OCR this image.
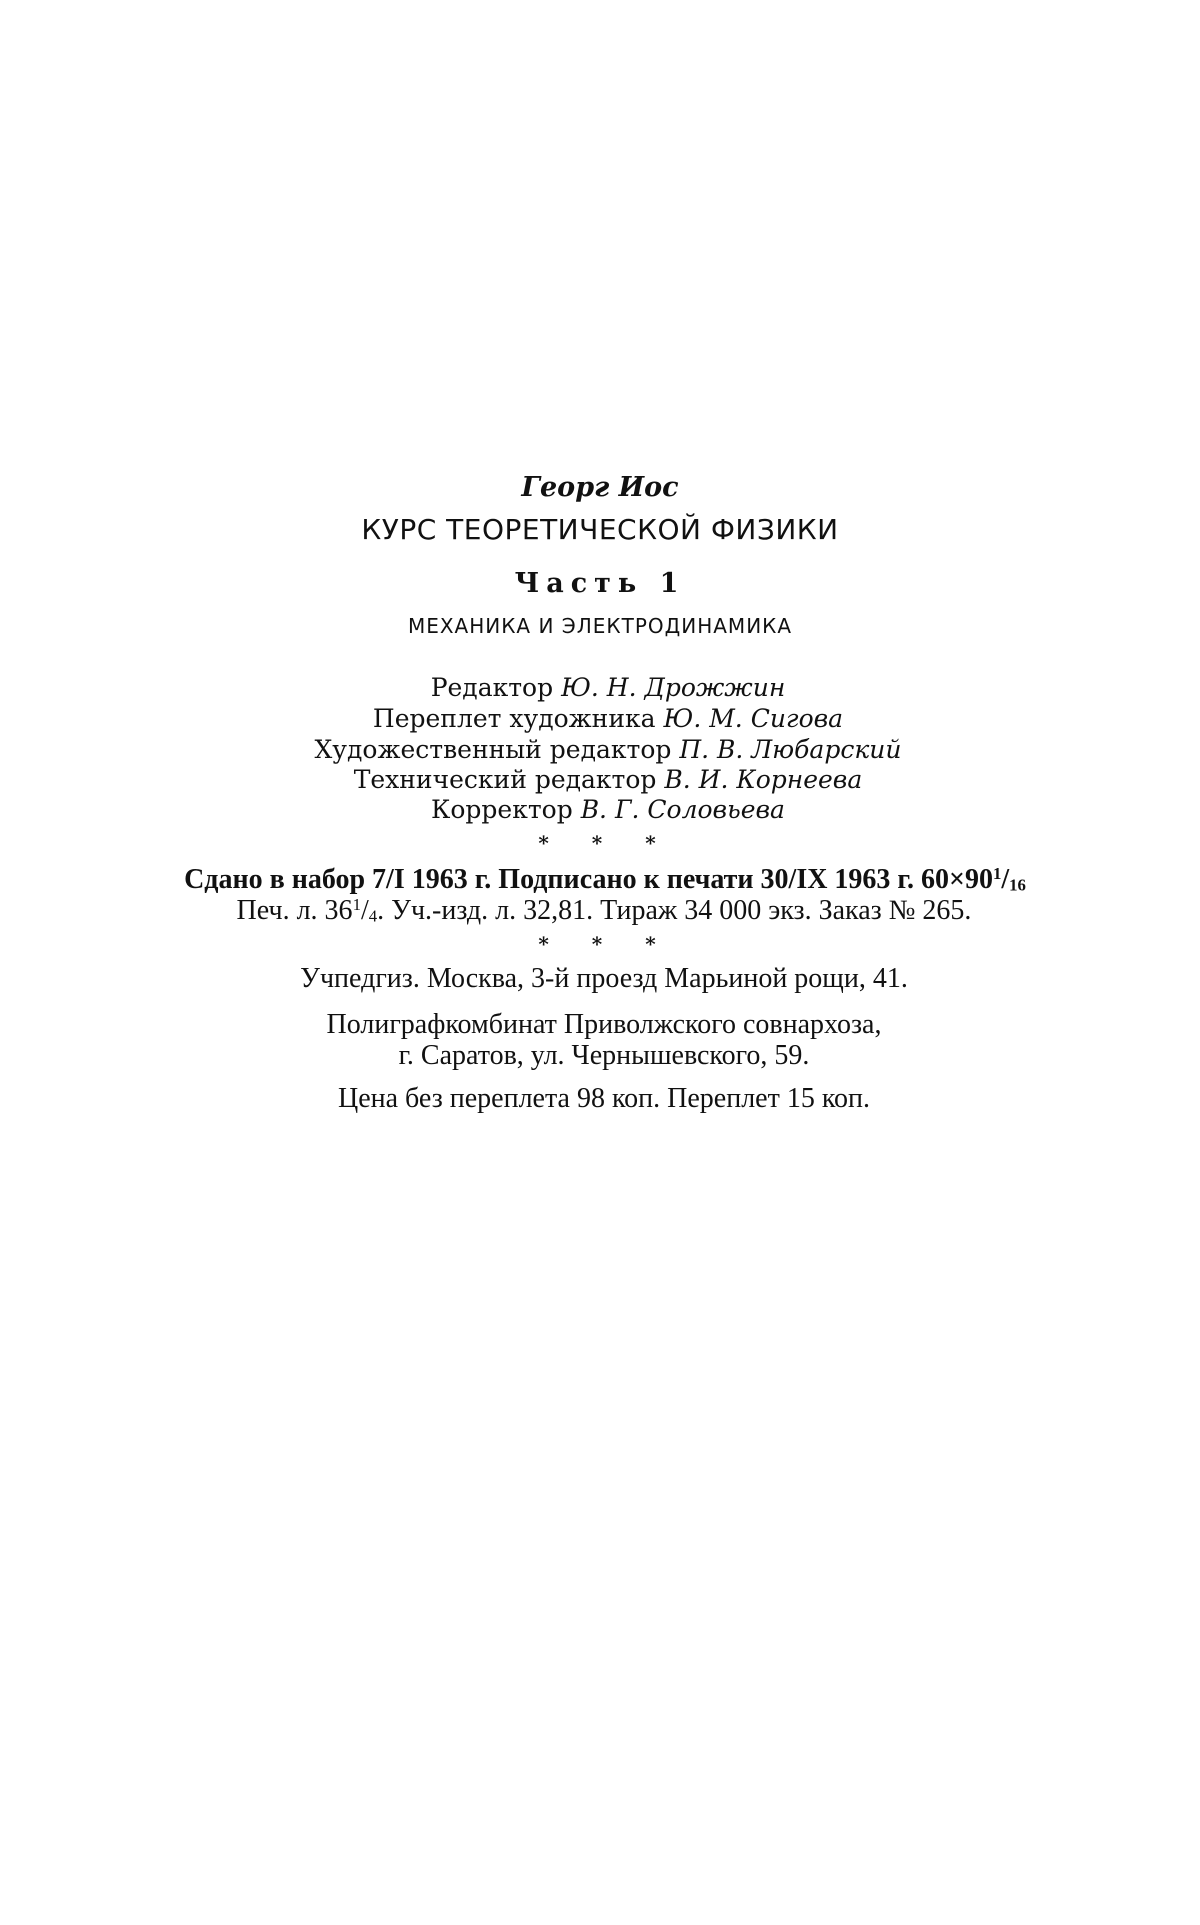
Георг Иос
КУРС ТЕОРЕТИЧЕСКОЙ ФИЗИКИ
Часть 1
МЕХАНИКА И ЭЛЕКТРОДИНАМИКА
Редактор Ю. Н. Дрожжин
Переплет художника Ю. М. Сигова
Художественный редактор П. В. Любарский
Технический редактор В. И. Корнеева
Корректор В. Г. Соловьева
* * *
Сдано в набор 7/I 1963 г. Подписано к печати 30/IX 1963 г. $60\times 90^1/_{16}$
Печ. л. $36^1/_4$. Уч.-изд. л. 32,81. Тираж 34 000 экз. Заказ № 265.
* * *
Учпедгиз. Москва, 3-й проезд Марьиной рощи, 41.
Полиграфкомбинат Приволжского совнархоза,
г. Саратов, ул. Чернышевского, 59.
Цена без переплета 98 коп. Переплет 15 коп.
